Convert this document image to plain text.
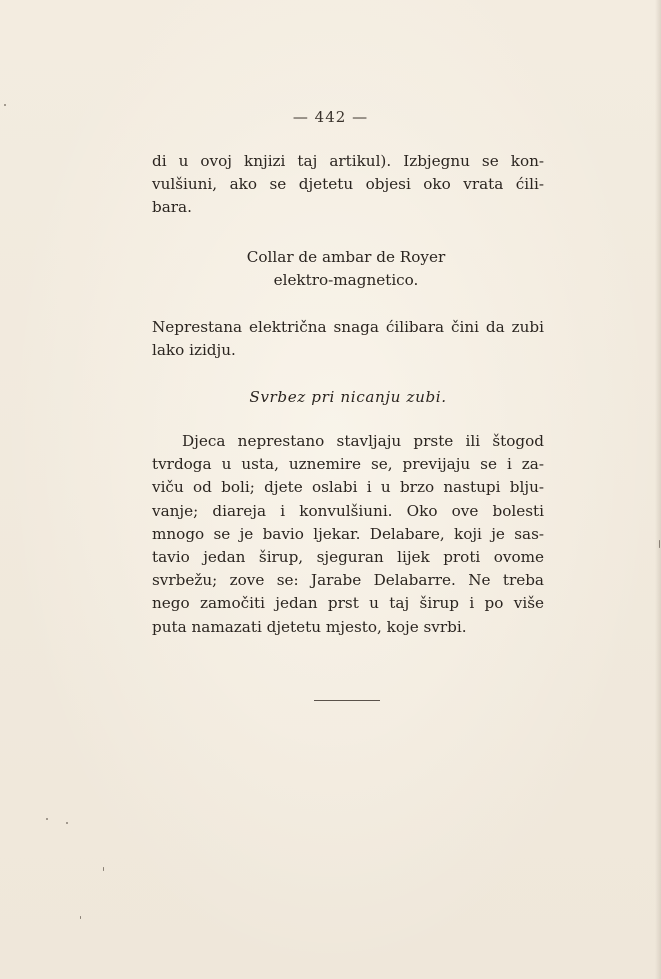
— 442 —
di u ovoj knjizi taj artikul). Izbjegnu se kon-
vulšiuni, ako se djetetu objesi oko vrata ćili-
bara.
Collar de ambar de Royer
elektro-magnetico.
Neprestana električna snaga ćilibara čini da zubi
lako izidju.
Svrbez pri nicanju zubi.
Djeca neprestano stavljaju prste ili štogod
tvrdoga u usta, uznemire se, previjaju se i za-
viču od boli; djete oslabi i u brzo nastupi blju-
vanje; diareja i konvulšiuni. Oko ove bolesti
mnogo se je bavio ljekar. Delabare, koji je sas-
tavio jedan širup, sjeguran lijek proti ovome
svrbežu; zove se: Jarabe Delabarre. Ne treba
nego zamočiti jedan prst u taj širup i po više
puta namazati djetetu mjesto, koje svrbi.
